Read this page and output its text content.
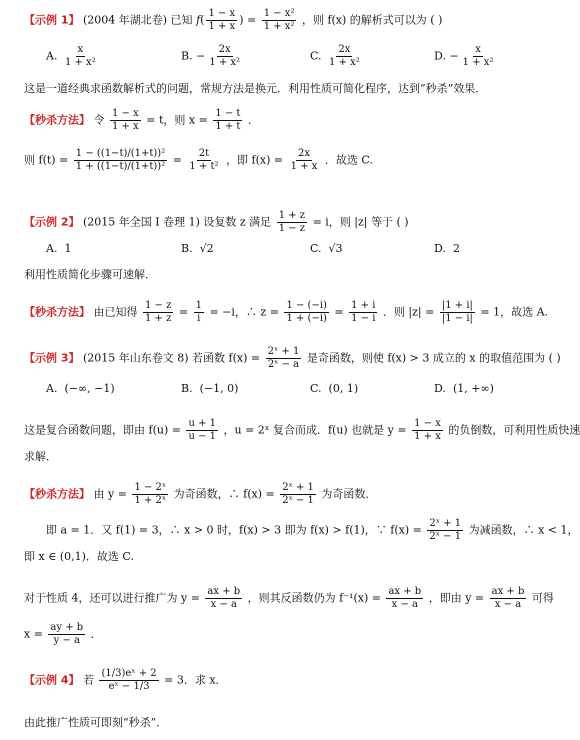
【示例 1】 (2004 年湖北卷) 已知 $f( \frac{1 - x}{1 + x}$ ) = $\frac{\text{1 − x²}}{\text{1 + x²}}$ ，则 f(x) 的解析式可以为 ( )
A. $\frac{x}{\text{1 + x²}}$	B. − $\frac{2x}{\text{1 + x²}}$	C. $\frac{2x}{\text{1 + x²}}$	D. − $\frac{x}{\text{1 + x²}}$
这是一道经典求函数解析式的问题，常规方法是换元．利用性质可简化程序，达到“秒杀”效果．
【秒杀方法】 令 $\frac{1 - x}{1 + x} = t$，则 $x = \frac{1 - t}{1 + t}$ ．
则 $f(t) = \frac{\text{1 − ((1−t)/(1+t))²}}{\text{1 + ((1−t)/(1+t))²}} = \frac{2t}{\text{1 + t²}}$ ，即 $f(x) = \frac{2x}{1 + x}$ ．故选 C.
【示例 2】 (2015 年全国 I 卷理 1) 设复数 z 满足 $\frac{1 + z}{1 - z} = i$，则 |z| 等于 ( )
A. 1	B. √2	C. √3	D. 2
利用性质简化步骤可速解．
【秒杀方法】 由已知得 $\frac{1 - z}{1 + z} = \frac{1}{i} = -i$，∴ $z = \frac{1 - (-i)}{1 + (-i)} = \frac{1 + i}{1 - i}$ ．则 $|z| = \frac{|1 + i|}{|1 - i|} = 1$，故选 A.
【示例 3】 (2015 年山东卷文 8) 若函数 $f(x) = \frac{\text{2ˣ + 1}}{\text{2ˣ − a}}$ 是奇函数，则使 f(x) > 3 成立的 x 的取值范围为 ( )
A. (−∞, −1)	B. (−1, 0)	C. (0, 1)	D. (1, +∞)
这是复合函数问题，即由 $f(u) = \frac{u + 1}{u - 1}$ ，u = 2ˣ 复合而成．f(u) 也就是 $y = \frac{1 - x}{1 + x}$ 的负倒数，可利用性质快速
求解．
【秒杀方法】 由 $y = \frac{\text{1 − 2ˣ}}{\text{1 + 2ˣ}}$ 为奇函数，∴ $f(x) = \frac{\text{2ˣ + 1}}{\text{2ˣ − 1}}$ 为奇函数．
即 a = 1．又 f(1) = 3，∴ x > 0 时，f(x) > 3 即为 f(x) > f(1)，∵ $f(x) = \frac{\text{2ˣ + 1}}{\text{2ˣ − 1}}$ 为减函数，∴ x < 1，
即 x ∈ (0,1)．故选 C.
对于性质 4，还可以进行推广为 $y = \frac{ax + b}{x - a}$ ，则其反函数仍为 $f^{-1}(x) = \frac{ax + b}{x - a}$ ，即由 $y = \frac{ax + b}{x - a}$ 可得
$x = \frac{ay + b}{y - a}$ ．
【示例 4】 若 $\frac{\text{(1/3)eˣ + 2}}{\text{eˣ − 1/3}} = 3$．求 x．
由此推广性质可即刻“秒杀”．
